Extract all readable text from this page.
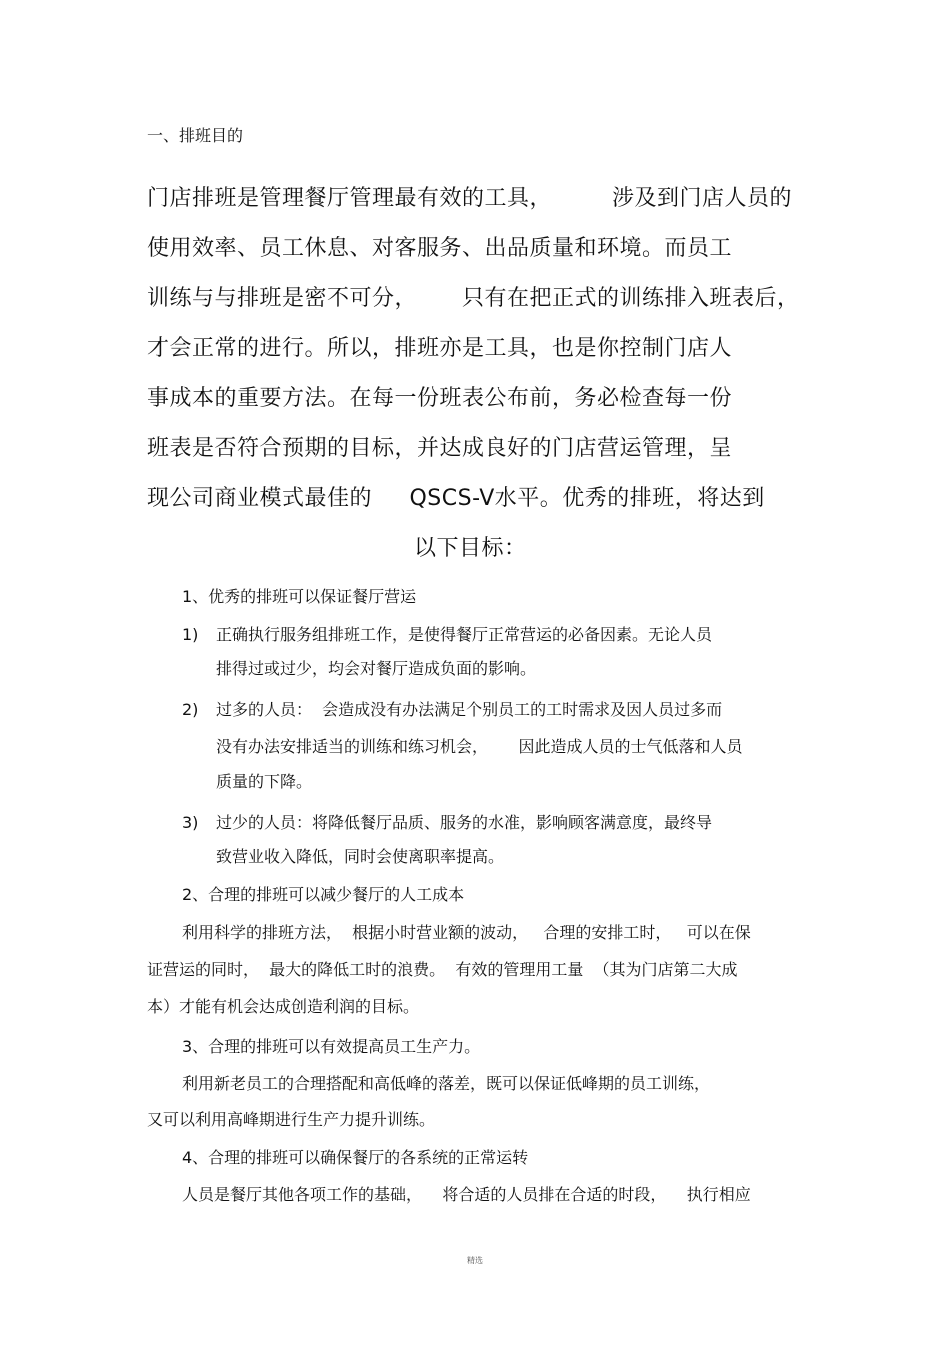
一、排班目的
门店排班是管理餐厅管理最有效的工具，        涉及到门店人员的
使用效率、员工休息、对客服务、出品质量和环境。而员工
训练与与排班是密不可分，      只有在把正式的训练排入班表后，
才会正常的进行。所以，排班亦是工具，也是你控制门店人
事成本的重要方法。在每一份班表公布前，务必检查每一份
班表是否符合预期的目标，并达成良好的门店营运管理，呈
现公司商业模式最佳的     QSCS-V水平。优秀的排班，将达到
以下目标：
1、优秀的排班可以保证餐厅营运
1) 正确执行服务组排班工作，是使得餐厅正常营运的必备因素。无论人员
排得过或过少，均会对餐厅造成负面的影响。
2) 过多的人员：  会造成没有办法满足个别员工的工时需求及因人员过多而
没有办法安排适当的训练和练习机会，      因此造成人员的士气低落和人员
质量的下降。
3) 过少的人员：将降低餐厅品质、服务的水准，影响顾客满意度，最终导
致营业收入降低，同时会使离职率提高。
2、合理的排班可以减少餐厅的人工成本
利用科学的排班方法，  根据小时营业额的波动，   合理的安排工时，   可以在保
证营运的同时，  最大的降低工时的浪费。  有效的管理用工量  （其为门店第二大成
本）才能有机会达成创造利润的目标。
3、合理的排班可以有效提高员工生产力。
利用新老员工的合理搭配和高低峰的落差，既可以保证低峰期的员工训练，
又可以利用高峰期进行生产力提升训练。
4、合理的排班可以确保餐厅的各系统的正常运转
人员是餐厅其他各项工作的基础，    将合适的人员排在合适的时段，    执行相应
精选
